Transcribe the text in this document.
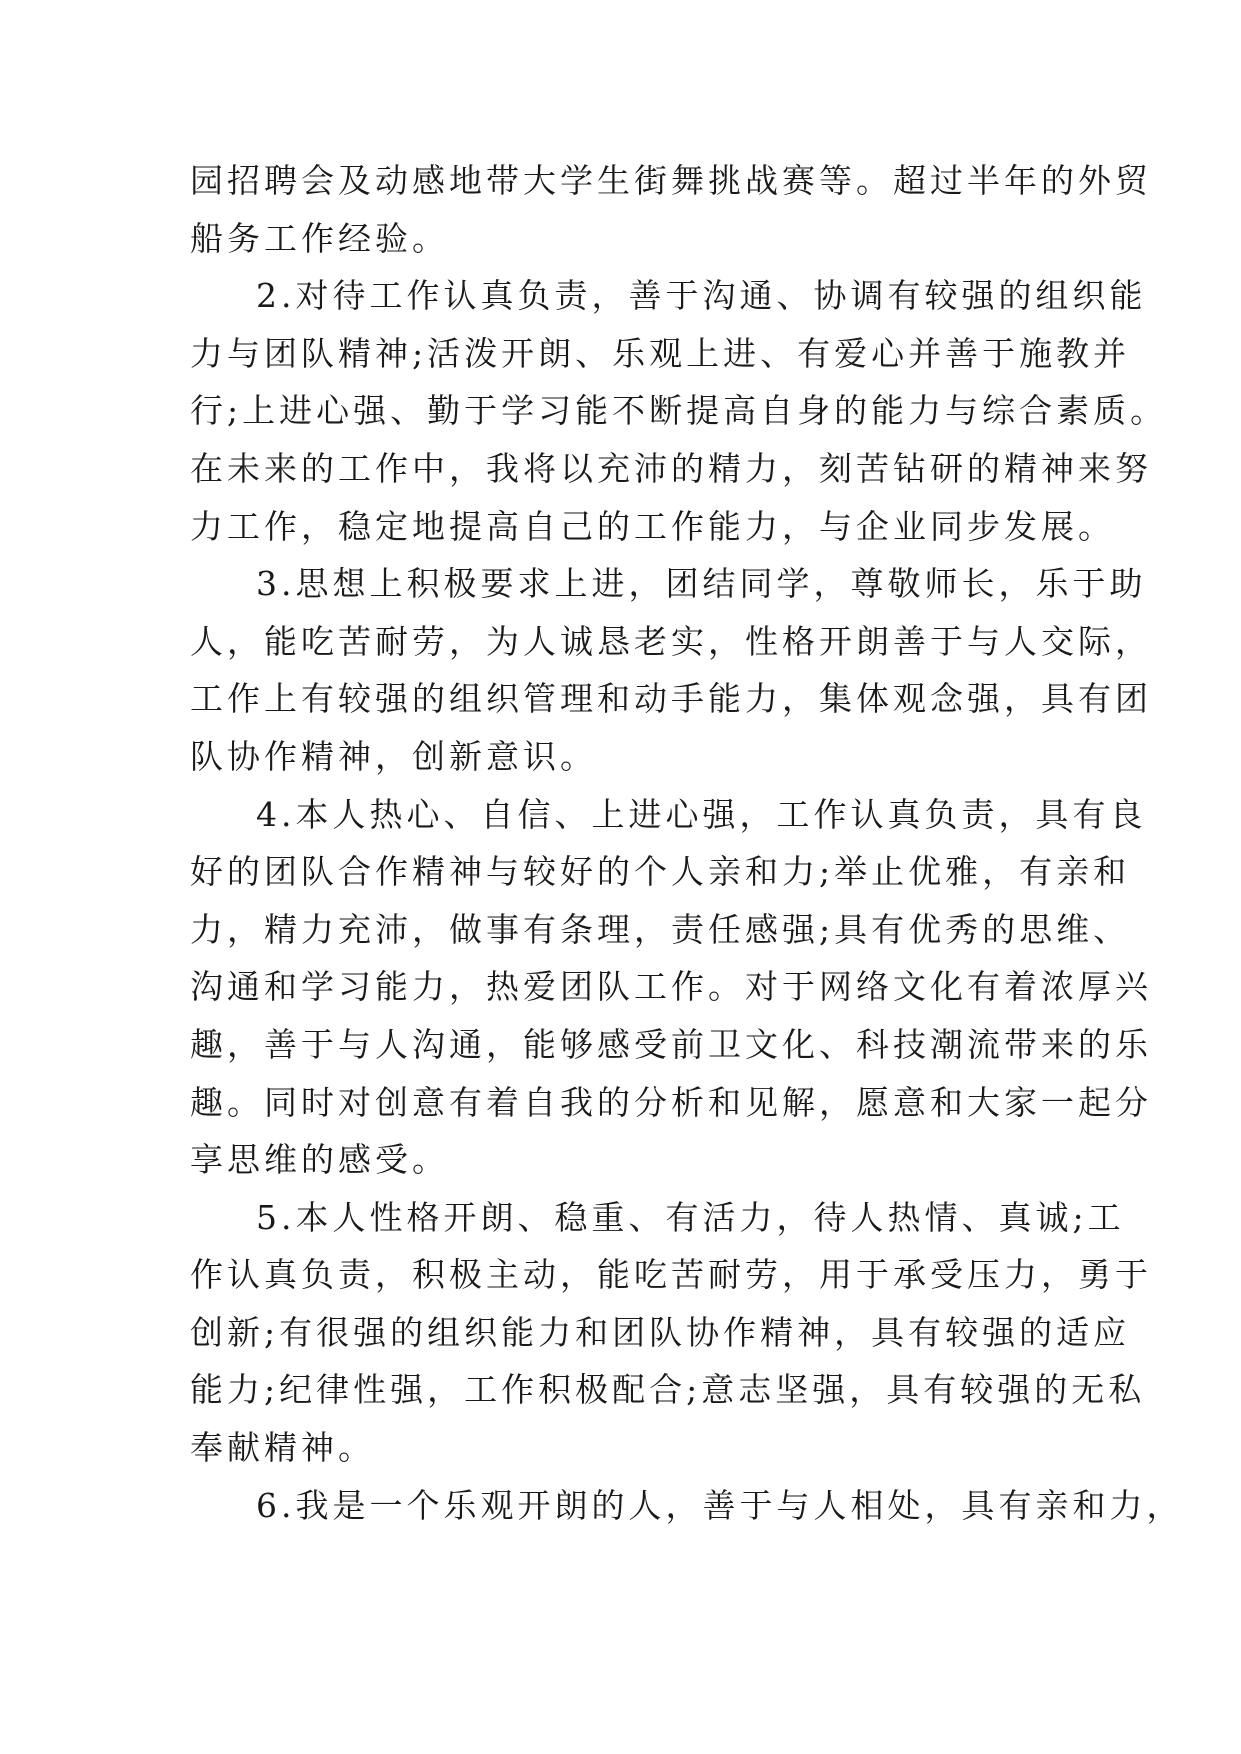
园招聘会及动感地带大学生街舞挑战赛等。超过半年的外贸
船务工作经验。
2.对待工作认真负责，善于沟通、协调有较强的组织能
力与团队精神;活泼开朗、乐观上进、有爱心并善于施教并
行;上进心强、勤于学习能不断提高自身的能力与综合素质。
在未来的工作中，我将以充沛的精力，刻苦钻研的精神来努
力工作，稳定地提高自己的工作能力，与企业同步发展。
3.思想上积极要求上进，团结同学，尊敬师长，乐于助
人，能吃苦耐劳，为人诚恳老实，性格开朗善于与人交际，
工作上有较强的组织管理和动手能力，集体观念强，具有团
队协作精神，创新意识。
4.本人热心、自信、上进心强，工作认真负责，具有良
好的团队合作精神与较好的个人亲和力;举止优雅，有亲和
力，精力充沛，做事有条理，责任感强;具有优秀的思维、
沟通和学习能力，热爱团队工作。对于网络文化有着浓厚兴
趣，善于与人沟通，能够感受前卫文化、科技潮流带来的乐
趣。同时对创意有着自我的分析和见解，愿意和大家一起分
享思维的感受。
5.本人性格开朗、稳重、有活力，待人热情、真诚;工
作认真负责，积极主动，能吃苦耐劳，用于承受压力，勇于
创新;有很强的组织能力和团队协作精神，具有较强的适应
能力;纪律性强，工作积极配合;意志坚强，具有较强的无私
奉献精神。
6.我是一个乐观开朗的人，善于与人相处，具有亲和力，
